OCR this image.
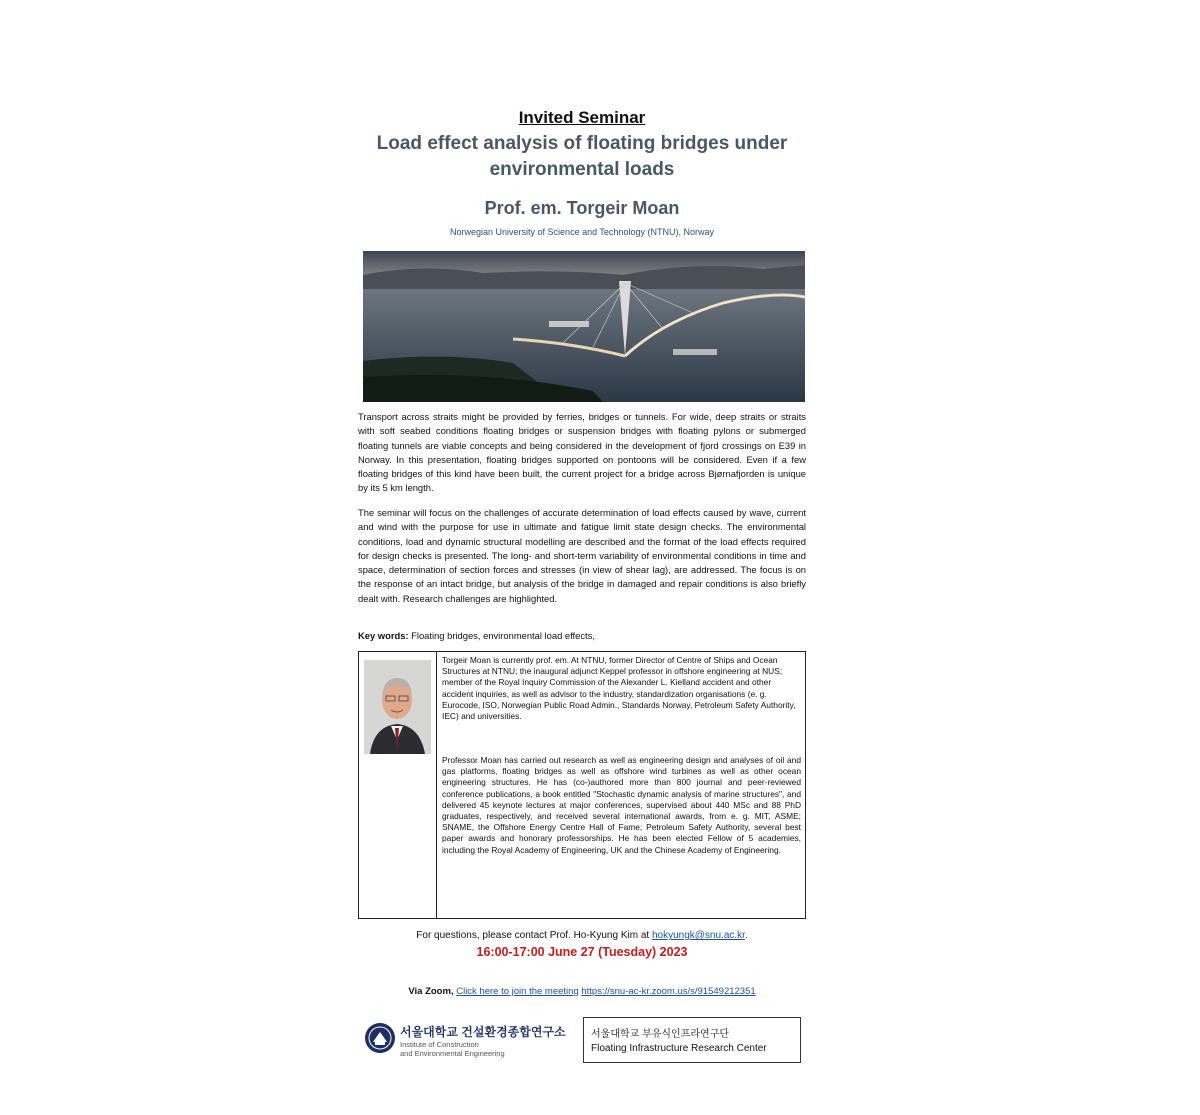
Invited Seminar
Load effect analysis of floating bridges under
environmental loads
Prof. em. Torgeir Moan
Norwegian University of Science and Technology (NTNU), Norway

Transport across straits might be provided by ferries, bridges or tunnels. For wide, deep straits or straits with soft seabed conditions floating bridges or suspension bridges with floating pylons or submerged floating tunnels are viable concepts and being considered in the development of fjord crossings on E39 in Norway. In this presentation, floating bridges supported on pontoons will be considered. Even if a few floating bridges of this kind have been built, the current project for a bridge across Bjørnafjorden is unique by its 5 km length.

The seminar will focus on the challenges of accurate determination of load effects caused by wave, current and wind with the purpose for use in ultimate and fatigue limit state design checks. The environmental conditions, load and dynamic structural modelling are described and the format of the load effects required for design checks is presented. The long- and short-term variability of environmental conditions in time and space, determination of section forces and stresses (in view of shear lag), are addressed. The focus is on the response of an intact bridge, but analysis of the bridge in damaged and repair conditions is also briefly dealt with. Research challenges are highlighted.

Key words: Floating bridges, environmental load effects,

Torgeir Moan is currently prof. em. At NTNU, former Director of Centre of Ships and Ocean Structures at NTNU; the inaugural adjunct Keppel professor in offshore engineering at NUS; member of the Royal Inquiry Commission of the Alexander L. Kielland accident and other accident inquiries, as well as advisor to the industry, standardization organisations (e. g. Eurocode, ISO, Norwegian Public Road Admin., Standards Norway, Petroleum Safety Authority, IEC) and universities.

Professor Moan has carried out research as well as engineering design and analyses of oil and gas platforms, floating bridges as well as offshore wind turbines as well as other ocean engineering structures. He has (co-)authored more than 800 journal and peer-reviewed conference publications, a book entitled "Stochastic dynamic analysis of marine structures", and delivered 45 keynote lectures at major conferences, supervised about 440 MSc and 88 PhD graduates, respectively, and received several international awards, from e. g. MIT, ASME; SNAME, the Offshore Energy Centre Hall of Fame; Petroleum Safety Authority, several best paper awards and honorary professorships. He has been elected Fellow of 5 academies, including the Royal Academy of Engineering, UK and the Chinese Academy of Engineering.

For questions, please contact Prof. Ho-Kyung Kim at hokyungk@snu.ac.kr.
16:00-17:00 June 27 (Tuesday) 2023
Via Zoom, Click here to join the meeting https://snu-ac-kr.zoom.us/s/91549212351
서울대학교 건설환경종합연구소
Institute of Construction
and Environmental Engineering
서울대학교 부유식인프라연구단
Floating Infrastructure Research Center
